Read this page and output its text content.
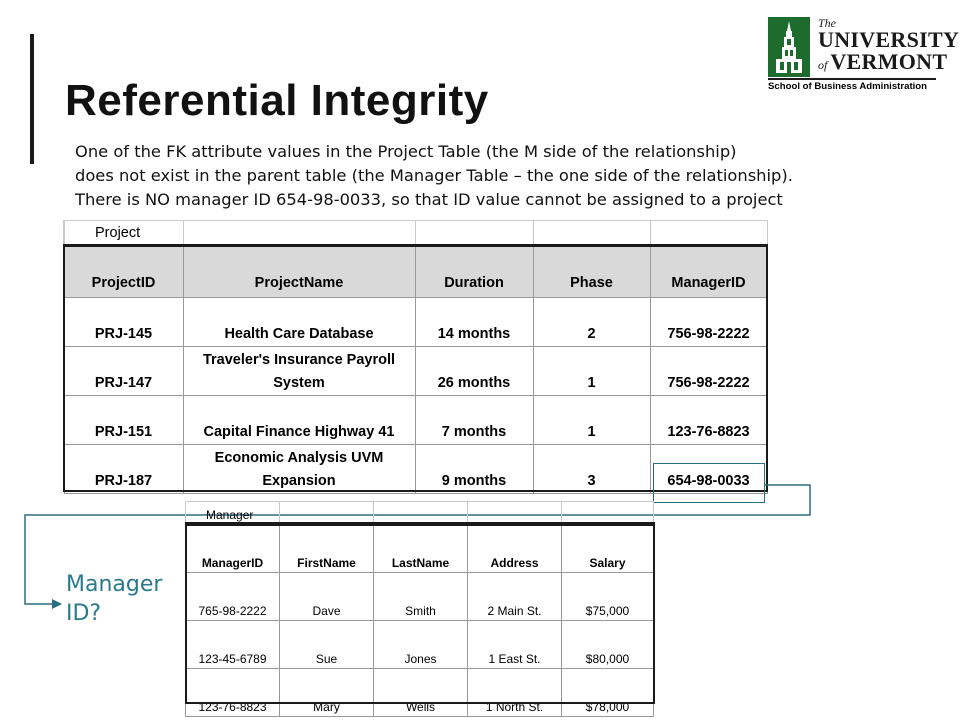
Referential Integrity
One of the FK attribute values in the Project Table (the M side of the relationship)
does not exist in the parent table (the Manager Table – the one side of the relationship).
There is NO manager ID 654-98-0033, so that ID value cannot be assigned to a project
The
UNIVERSITY
of VERMONT
School of Business Administration
Project				
ProjectID	ProjectName	Duration	Phase	ManagerID
PRJ-145	Health Care Database	14 months	2	756-98-2222
PRJ-147	Traveler's Insurance Payroll System	26 months	1	756-98-2222
PRJ-151	Capital Finance Highway 41	7 months	1	123-76-8823
PRJ-187	Economic Analysis UVM Expansion	9 months	3	654-98-0033
Manager
ID?
Manager				
ManagerID	FirstName	LastName	Address	Salary
765-98-2222	Dave	Smith	2 Main St.	$75,000
123-45-6789	Sue	Jones	1 East St.	$80,000
123-76-8823	Mary	Wells	1 North St.	$78,000
